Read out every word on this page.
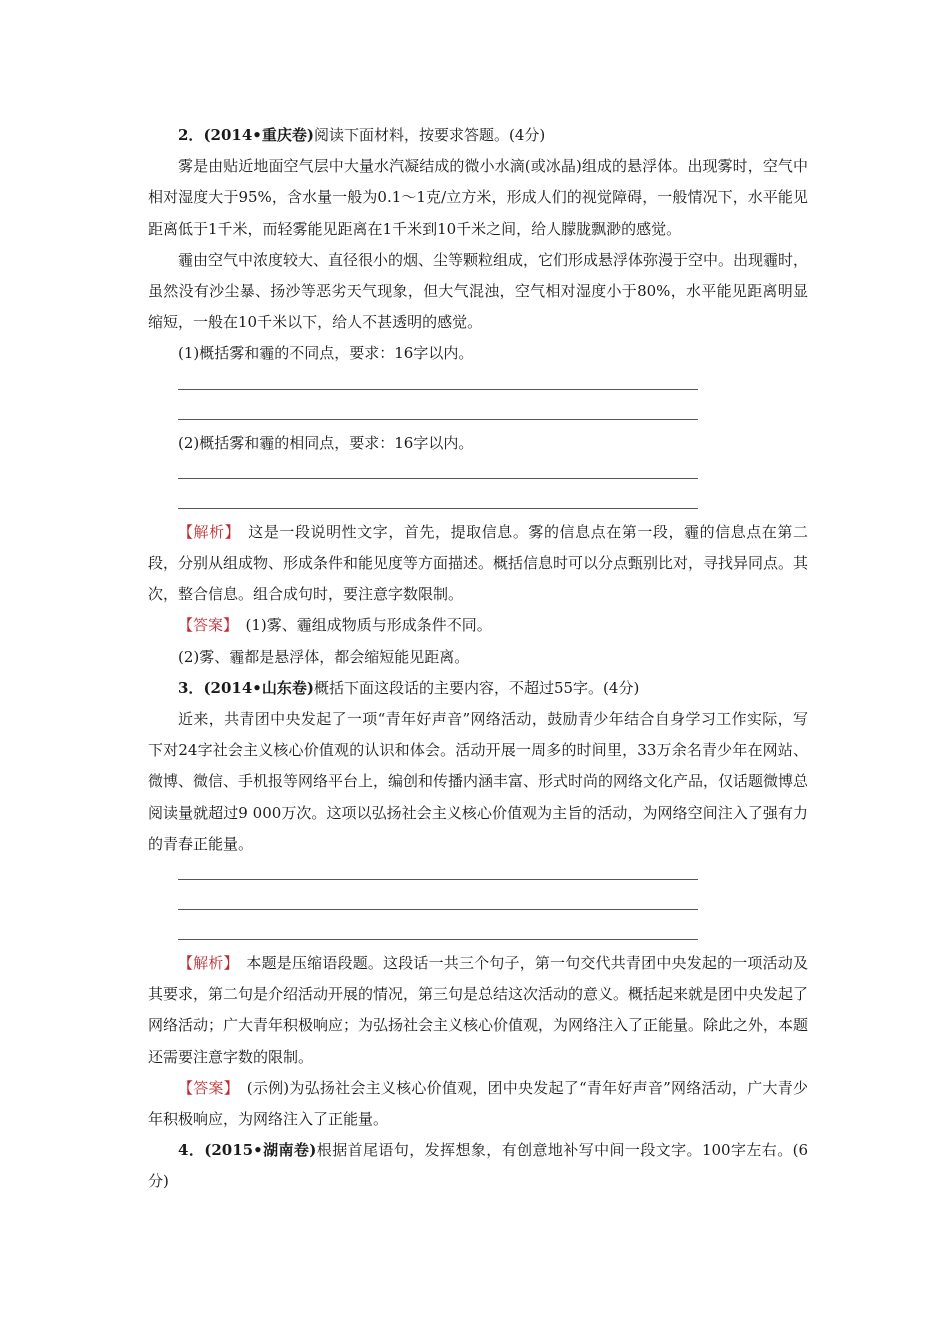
2．(2014•重庆卷)阅读下面材料，按要求答题。(4分)

雾是由贴近地面空气层中大量水汽凝结成的微小水滴(或冰晶)组成的悬浮体。出现雾时，空气中相对湿度大于95%，含水量一般为0.1～1克/立方米，形成人们的视觉障碍，一般情况下，水平能见距离低于1千米，而轻雾能见距离在1千米到10千米之间，给人朦胧飘渺的感觉。

霾由空气中浓度较大、直径很小的烟、尘等颗粒组成，它们形成悬浮体弥漫于空中。出现霾时，虽然没有沙尘暴、扬沙等恶劣天气现象，但大气混浊，空气相对湿度小于80%，水平能见距离明显缩短，一般在10千米以下，给人不甚透明的感觉。

(1)概括雾和霾的不同点，要求：16字以内。

(2)概括雾和霾的相同点，要求：16字以内。

【解析】　这是一段说明性文字，首先，提取信息。雾的信息点在第一段，霾的信息点在第二段，分别从组成物、形成条件和能见度等方面描述。概括信息时可以分点甄别比对，寻找异同点。其次，整合信息。组合成句时，要注意字数限制。

【答案】　(1)雾、霾组成物质与形成条件不同。

(2)雾、霾都是悬浮体，都会缩短能见距离。

3．(2014•山东卷)概括下面这段话的主要内容，不超过55字。(4分)

近来，共青团中央发起了一项“青年好声音”网络活动，鼓励青少年结合自身学习工作实际，写下对24字社会主义核心价值观的认识和体会。活动开展一周多的时间里，33万余名青少年在网站、微博、微信、手机报等网络平台上，编创和传播内涵丰富、形式时尚的网络文化产品，仅话题微博总阅读量就超过9 000万次。这项以弘扬社会主义核心价值观为主旨的活动，为网络空间注入了强有力的青春正能量。

【解析】　本题是压缩语段题。这段话一共三个句子，第一句交代共青团中央发起的一项活动及其要求，第二句是介绍活动开展的情况，第三句是总结这次活动的意义。概括起来就是团中央发起了网络活动；广大青年积极响应；为弘扬社会主义核心价值观，为网络注入了正能量。除此之外，本题还需要注意字数的限制。

【答案】　(示例)为弘扬社会主义核心价值观，团中央发起了“青年好声音”网络活动，广大青少年积极响应，为网络注入了正能量。

4．(2015•湖南卷)根据首尾语句，发挥想象，有创意地补写中间一段文字。100字左右。(6分)
